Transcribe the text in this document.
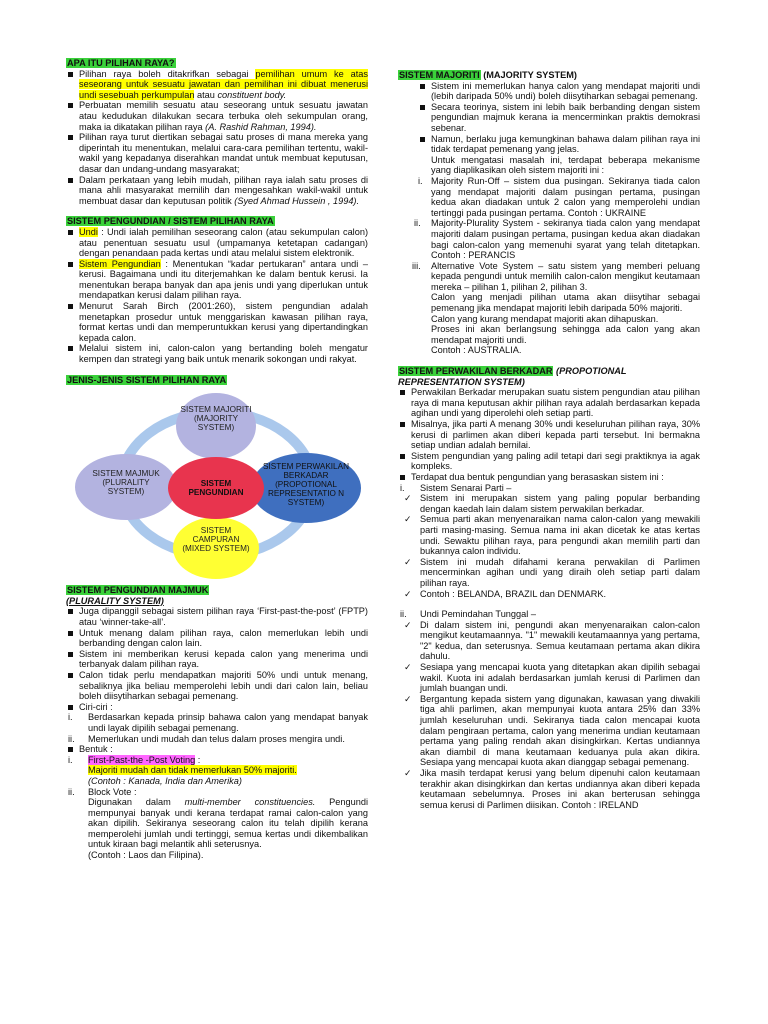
APA ITU PILIHAN RAYA?
Pilihan raya boleh ditakrifkan sebagai pemilihan umum ke atas seseorang untuk sesuatu jawatan dan pemilihan ini dibuat menerusi undi sesebuah perkumpulan atau constituent body.
Perbuatan memilih sesuatu atau seseorang untuk sesuatu jawatan atau kedudukan dilakukan secara terbuka oleh sekumpulan orang, maka ia dikatakan pilihan raya (A. Rashid Rahman, 1994).
Pilihan raya turut diertikan sebagai satu proses di mana mereka yang diperintah itu menentukan, melalui cara-cara pemilihan tertentu, wakil-wakil yang kepadanya diserahkan mandat untuk membuat keputusan, dasar dan undang-undang masyarakat;
Dalam perkataan yang lebih mudah, pilihan raya ialah satu proses di mana ahli masyarakat memilih dan mengesahkan wakil-wakil untuk membuat dasar dan keputusan politik (Syed Ahmad Hussein , 1994).
SISTEM PENGUNDIAN / SISTEM PILIHAN RAYA
Undi : Undi ialah pemilihan seseorang calon (atau sekumpulan calon) atau penentuan sesuatu usul (umpamanya ketetapan cadangan) dengan penandaan pada kertas undi atau melalui sistem elektronik.
Sistem Pengundian : Menentukan “kadar pertukaran” antara undi – kerusi. Bagaimana undi itu diterjemahkan ke dalam bentuk kerusi. Ia menentukan berapa banyak dan apa jenis undi yang diperlukan untuk mendapatkan kerusi dalam pilihan raya.
Menurut Sarah Birch (2001:260), sistem pengundian adalah menetapkan prosedur untuk menggariskan kawasan pilihan raya, format kertas undi dan memperuntukkan kerusi yang dipertandingkan kepada calon.
Melalui sistem ini, calon-calon yang bertanding boleh mengatur kempen dan strategi yang baik untuk menarik sokongan undi rakyat.
JENIS-JENIS SISTEM PILIHAN RAYA
SISTEM MAJORITI (MAJORITY SYSTEM)
SISTEM MAJMUK (PLURALITY SYSTEM)
SISTEM PERWAKILAN BERKADAR (PROPOTIONAL REPRESENTATIO N SYSTEM)
SISTEM PENGUNDIAN
SISTEM CAMPURAN (MIXED SYSTEM)
SISTEM PENGUNDIAN MAJMUK
(PLURALITY SYSTEM)
Juga dipanggil sebagai sistem pilihan raya ‘First-past-the-post’ (FPTP) atau ‘winner-take-all’.
Untuk menang dalam pilihan raya, calon memerlukan lebih undi berbanding dengan calon lain.
Sistem ini memberikan kerusi kepada calon yang menerima undi terbanyak dalam pilihan raya.
Calon tidak perlu mendapatkan majoriti 50% undi untuk menang, sebaliknya jika beliau memperolehi lebih undi dari calon lain, beliau boleh diisytiharkan sebagai pemenang.
Ciri-ciri :
i. Berdasarkan kepada prinsip bahawa calon yang mendapat banyak undi layak dipilih sebagai pemenang.
ii. Memerlukan undi mudah dan telus dalam proses mengira undi.
Bentuk :
i. First-Past-the -Post Voting :
Majoriti mudah dan tidak memerlukan 50% majoriti.
(Contoh : Kanada, India dan Amerika)
ii. Block Vote :
Digunakan dalam multi-member constituencies. Pengundi mempunyai banyak undi kerana terdapat ramai calon-calon yang akan dipilih. Sekiranya seseorang calon itu telah dipilih kerana memperolehi jumlah undi tertinggi, semua kertas undi dikembalikan untuk kiraan bagi melantik ahli seterusnya.
(Contoh : Laos dan Filipina).
SISTEM MAJORITI (MAJORITY SYSTEM)
Sistem ini memerlukan hanya calon yang mendapat majoriti undi (lebih daripada 50% undi) boleh diisytiharkan sebagai pemenang.
Secara teorinya, sistem ini lebih baik berbanding dengan sistem pengundian majmuk kerana ia mencerminkan praktis demokrasi sebenar.
Namun, berlaku juga kemungkinan bahawa dalam pilihan raya ini tidak terdapat pemenang yang jelas.
Untuk mengatasi masalah ini, terdapat beberapa mekanisme yang diaplikasikan oleh sistem majoriti ini :
i. Majority Run-Off – sistem dua pusingan. Sekiranya tiada calon yang mendapat majoriti dalam pusingan pertama, pusingan kedua akan diadakan untuk 2 calon yang memperolehi undian tertinggi pada pusingan pertama. Contoh : UKRAINE
ii. Majority-Plurality System - sekiranya tiada calon yang mendapat majoriti dalam pusingan pertama, pusingan kedua akan diadakan bagi calon-calon yang memenuhi syarat yang telah ditetapkan. Contoh : PERANCIS
iii. Alternative Vote System – satu sistem yang memberi peluang kepada pengundi untuk memilih calon-calon mengikut keutamaan mereka – pilihan 1, pilihan 2, pilihan 3.
Calon yang menjadi pilihan utama akan diisytihar sebagai pemenang jika mendapat majoriti lebih daripada 50% majoriti.
Calon yang kurang mendapat majoriti akan dihapuskan.
Proses ini akan berlangsung sehingga ada calon yang akan mendapat majoriti undi.
Contoh : AUSTRALIA.
SISTEM PERWAKILAN BERKADAR (PROPOTIONAL REPRESENTATION SYSTEM)
Perwakilan Berkadar merupakan suatu sistem pengundian atau pilihan raya di mana keputusan akhir pilihan raya adalah berdasarkan kepada agihan undi yang diperolehi oleh setiap parti.
Misalnya, jika parti A menang 30% undi keseluruhan pilihan raya, 30% kerusi di parlimen akan diberi kepada parti tersebut. Ini bermakna setiap undian adalah bernilai.
Sistem pengundian yang paling adil tetapi dari segi praktiknya ia agak kompleks.
Terdapat dua bentuk pengundian yang berasaskan sistem ini :
i. Sistem Senarai Parti –
✓ Sistem ini merupakan sistem yang paling popular berbanding dengan kaedah lain dalam sistem perwakilan berkadar.
✓ Semua parti akan menyenaraikan nama calon-calon yang mewakili parti masing-masing. Semua nama ini akan dicetak ke atas kertas undi. Sewaktu pilihan raya, para pengundi akan memilih parti dan bukannya calon individu.
✓ Sistem ini mudah difahami kerana perwakilan di Parlimen mencerminkan agihan undi yang diraih oleh setiap parti dalam pilihan raya.
✓ Contoh : BELANDA, BRAZIL dan DENMARK.
ii. Undi Pemindahan Tunggal –
✓ Di dalam sistem ini, pengundi akan menyenaraikan calon-calon mengikut keutamaannya. "1" mewakili keutamaannya yang pertama, "2" kedua, dan seterusnya. Semua keutamaan pertama akan dikira dahulu.
✓ Sesiapa yang mencapai kuota yang ditetapkan akan dipilih sebagai wakil. Kuota ini adalah berdasarkan jumlah kerusi di Parlimen dan jumlah buangan undi.
✓ Bergantung kepada sistem yang digunakan, kawasan yang diwakili tiga ahli parlimen, akan mempunyai kuota antara 25% dan 33% jumlah keseluruhan undi. Sekiranya tiada calon mencapai kuota dalam pengiraan pertama, calon yang menerima undian keutamaan pertama yang paling rendah akan disingkirkan. Kertas undiannya akan diambil di mana keutamaan keduanya pula akan dikira. Sesiapa yang mencapai kuota akan dianggap sebagai pemenang.
✓ Jika masih terdapat kerusi yang belum dipenuhi calon keutamaan terakhir akan disingkirkan dan kertas undiannya akan diberi kepada keutamaan sebelumnya. Proses ini akan berterusan sehingga semua kerusi di Parlimen diisikan. Contoh : IRELAND
